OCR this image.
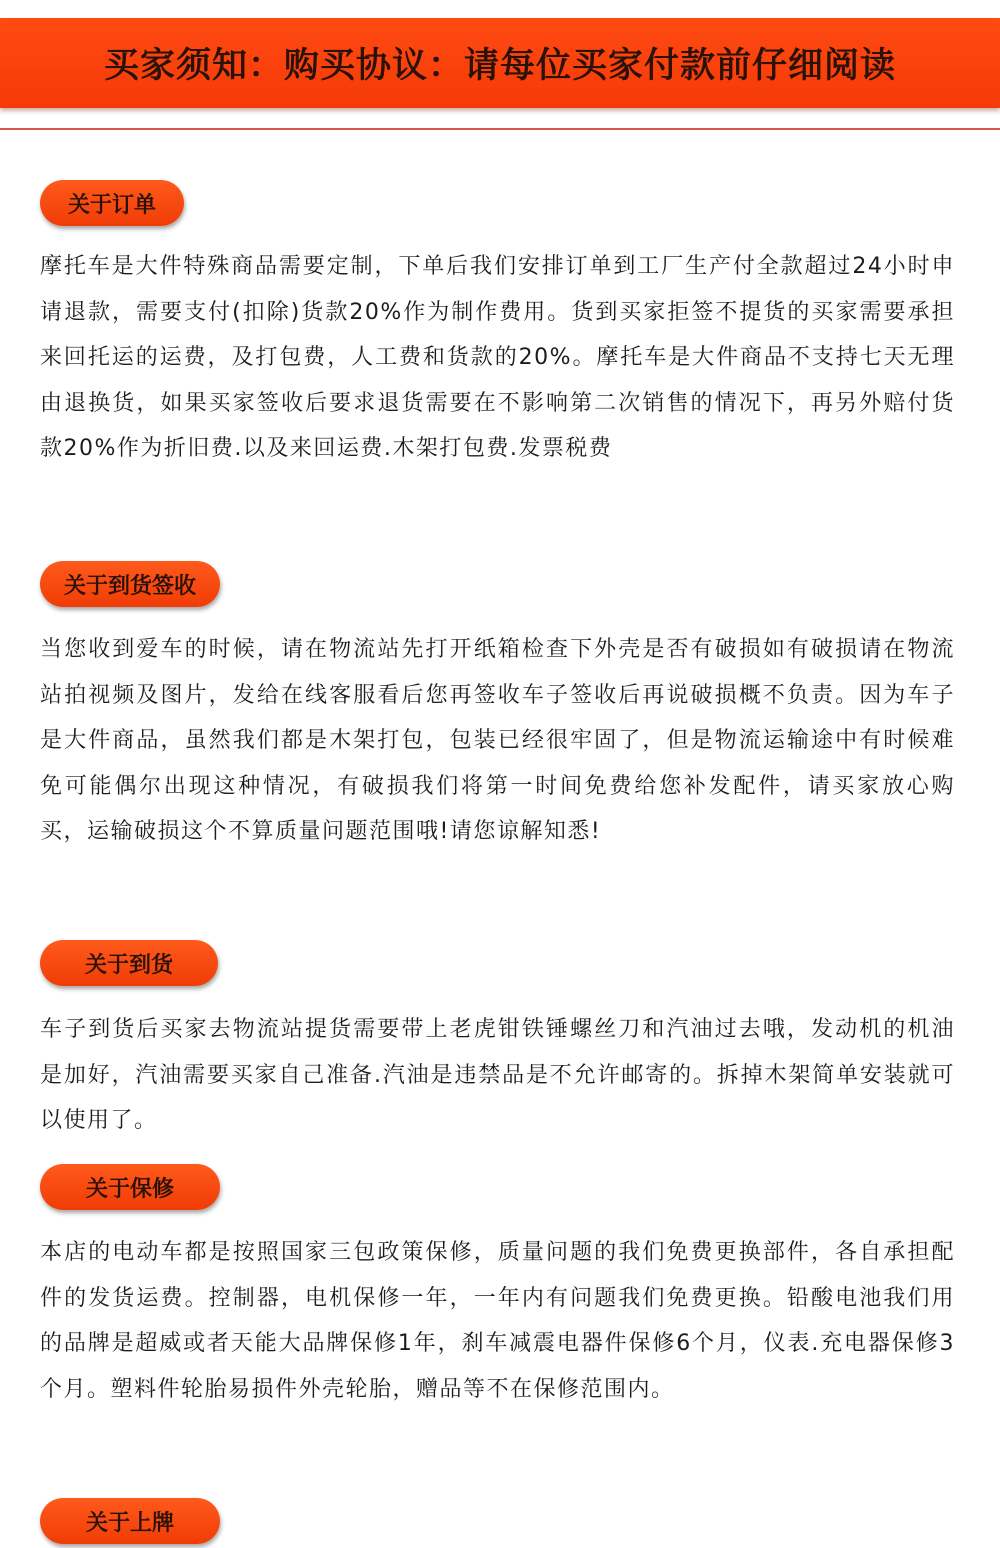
买家须知：购买协议：请每位买家付款前仔细阅读
关于订单
摩托车是大件特殊商品需要定制，下单后我们安排订单到工厂生产付全款超过24小时申请退款，需要支付(扣除)货款20%作为制作费用。货到买家拒签不提货的买家需要承担来回托运的运费，及打包费，人工费和货款的20%。摩托车是大件商品不支持七天无理由退换货，如果买家签收后要求退货需要在不影响第二次销售的情况下，再另外赔付货款20%作为折旧费.以及来回运费.木架打包费.发票税费
关于到货签收
当您收到爱车的时候，请在物流站先打开纸箱检查下外壳是否有破损如有破损请在物流站拍视频及图片，发给在线客服看后您再签收车子签收后再说破损概不负责。因为车子是大件商品，虽然我们都是木架打包，包装已经很牢固了，但是物流运输途中有时候难免可能偶尔出现这种情况，有破损我们将第一时间免费给您补发配件，请买家放心购买，运输破损这个不算质量问题范围哦!请您谅解知悉!
关于到货
车子到货后买家去物流站提货需要带上老虎钳铁锤螺丝刀和汽油过去哦，发动机的机油是加好，汽油需要买家自己准备.汽油是违禁品是不允许邮寄的。拆掉木架简单安装就可以使用了。
关于保修
本店的电动车都是按照国家三包政策保修，质量问题的我们免费更换部件，各自承担配件的发货运费。控制器，电机保修一年，一年内有问题我们免费更换。铅酸电池我们用的品牌是超威或者天能大品牌保修1年，刹车减震电器件保修6个月，仪表.充电器保修3个月。塑料件轮胎易损件外壳轮胎，赠品等不在保修范围内。
关于上牌
